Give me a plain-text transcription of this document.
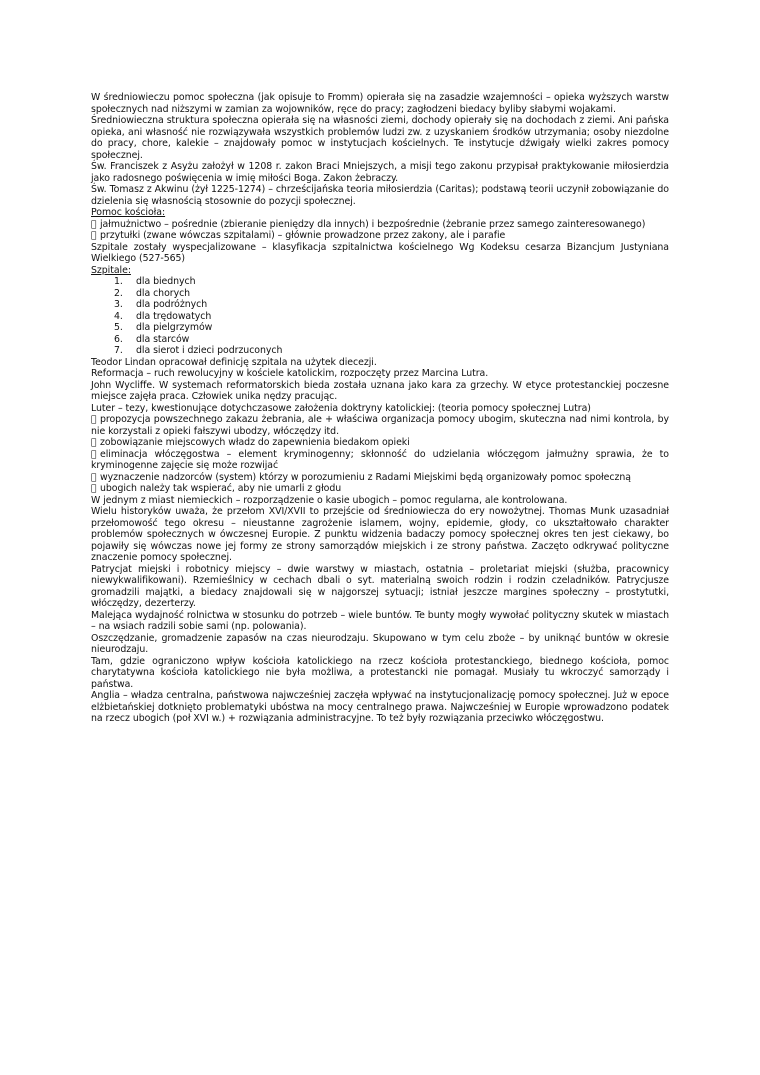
W średniowieczu pomoc społeczna (jak opisuje to Fromm) opierała się na zasadzie wzajemności – opieka wyższych warstw społecznych nad niższymi w zamian za wojowników, ręce do pracy; zagłodzeni biedacy byliby słabymi wojakami.

Średniowieczna struktura społeczna opierała się na własności ziemi, dochody opierały się na dochodach z ziemi. Ani pańska opieka, ani własność nie rozwiązywała wszystkich problemów ludzi zw. z uzyskaniem środków utrzymania; osoby niezdolne do pracy, chore, kalekie – znajdowały pomoc w instytucjach kościelnych. Te instytucje dźwigały wielki zakres pomocy społecznej.

Św. Franciszek z Asyżu założył w 1208 r. zakon Braci Mniejszych, a misji tego zakonu przypisał praktykowanie miłosierdzia jako radosnego poświęcenia w imię miłości Boga. Zakon żebraczy.

Św. Tomasz z Akwinu (żył 1225-1274) – chrześcijańska teoria miłosierdzia (Caritas); podstawą teorii uczynił zobowiązanie do dzielenia się własnością stosownie do pozycji społecznej.

Pomoc kościoła:

jałmużnictwo – pośrednie (zbieranie pieniędzy dla innych) i bezpośrednie (żebranie przez samego zainteresowanego)

przytułki (zwane wówczas szpitalami) – głównie prowadzone przez zakony, ale i parafie

Szpitale zostały wyspecjalizowane – klasyfikacja szpitalnictwa kościelnego Wg Kodeksu cesarza Bizancjum Justyniana Wielkiego (527-565)

Szpitale:

1. dla biednych
2. dla chorych
3. dla podróżnych
4. dla trędowatych
5. dla pielgrzymów
6. dla starców
7. dla sierot i dzieci podrzuconych

Teodor Lindan opracował definicję szpitala na użytek diecezji.

Reformacja – ruch rewolucyjny w kościele katolickim, rozpoczęty przez Marcina Lutra.

John Wycliffe. W systemach reformatorskich bieda została uznana jako kara za grzechy. W etyce protestanckiej poczesne miejsce zajęła praca. Człowiek unika nędzy pracując.

Luter – tezy, kwestionujące dotychczasowe założenia doktryny katolickiej: (teoria pomocy społecznej Lutra)

propozycja powszechnego zakazu żebrania, ale + właściwa organizacja pomocy ubogim, skuteczna nad nimi kontrola, by nie korzystali z opieki fałszywi ubodzy, włóczędzy itd.

zobowiązanie miejscowych władz do zapewnienia biedakom opieki

eliminacja włóczęgostwa – element kryminogenny; skłonność do udzielania włóczęgom jałmużny sprawia, że to kryminogenne zajęcie się może rozwijać

wyznaczenie nadzorców (system) którzy w porozumieniu z Radami Miejskimi będą organizowały pomoc społeczną

ubogich należy tak wspierać, aby nie umarli z głodu

W jednym z miast niemieckich – rozporządzenie o kasie ubogich – pomoc regularna, ale kontrolowana.

Wielu historyków uważa, że przełom XVI/XVII to przejście od średniowiecza do ery nowożytnej. Thomas Munk uzasadniał przełomowość tego okresu – nieustanne zagrożenie islamem, wojny, epidemie, głody, co ukształtowało charakter problemów społecznych w ówczesnej Europie. Z punktu widzenia badaczy pomocy społecznej okres ten jest ciekawy, bo pojawiły się wówczas nowe jej formy ze strony samorządów miejskich i ze strony państwa. Zaczęto odkrywać polityczne znaczenie pomocy społecznej.

Patrycjat miejski i robotnicy miejscy – dwie warstwy w miastach, ostatnia – proletariat miejski (służba, pracownicy niewykwalifikowani). Rzemieślnicy w cechach dbali o syt. materialną swoich rodzin i rodzin czeladników. Patrycjusze gromadzili majątki, a biedacy znajdowali się w najgorszej sytuacji; istniał jeszcze margines społeczny – prostytutki, włóczędzy, dezerterzy.

Malejąca wydajność rolnictwa w stosunku do potrzeb – wiele buntów. Te bunty mogły wywołać polityczny skutek w miastach – na wsiach radzili sobie sami (np. polowania).

Oszczędzanie, gromadzenie zapasów na czas nieurodzaju. Skupowano w tym celu zboże – by uniknąć buntów w okresie nieurodzaju.

Tam, gdzie ograniczono wpływ kościoła katolickiego na rzecz kościoła protestanckiego, biednego kościoła, pomoc charytatywna kościoła katolickiego nie była możliwa, a protestancki nie pomagał. Musiały tu wkroczyć samorządy i państwa.

Anglia – władza centralna, państwowa najwcześniej zaczęła wpływać na instytucjonalizację pomocy społecznej. Już w epoce elżbietańskiej dotknięto problematyki ubóstwa na mocy centralnego prawa. Najwcześniej w Europie wprowadzono podatek na rzecz ubogich (poł XVI w.) + rozwiązania administracyjne. To też były rozwiązania przeciwko włóczęgostwu.
